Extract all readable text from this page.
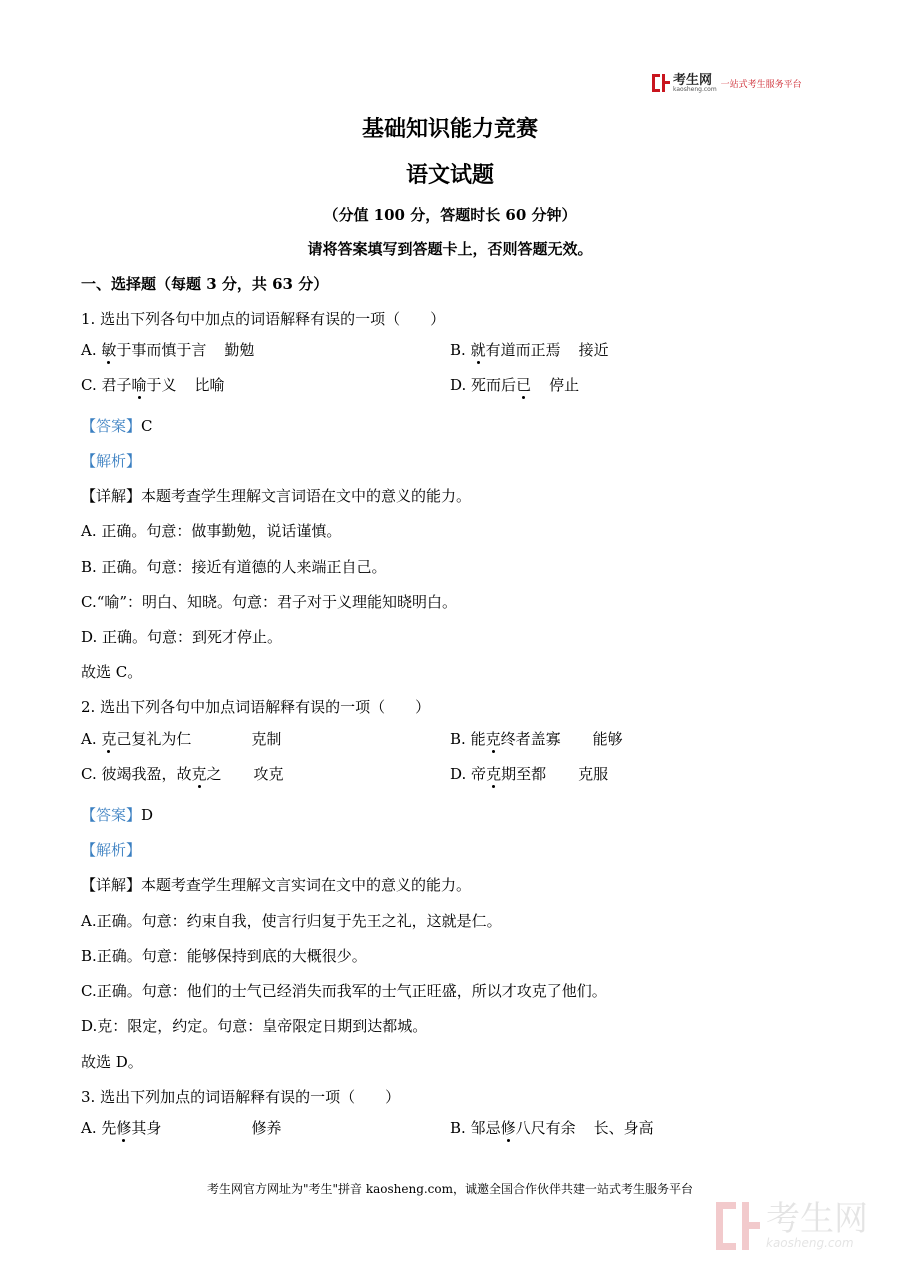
考生网
kaosheng.com 一站式考生服务平台
基础知识能力竞赛
语文试题
（分值 100 分，答题时长 60 分钟）
请将答案填写到答题卡上，否则答题无效。
一、选择题（每题 3 分，共 63 分）
1. 选出下列各句中加点的词语解释有误的一项（　　）
A. 敏于事而慎于言 勤勉	B. 就有道而正焉 接近
C. 君子喻于义 比喻	D. 死而后已 停止
【答案】C
【解析】
【详解】本题考查学生理解文言词语在文中的意义的能力。
A. 正确。句意：做事勤勉，说话谨慎。
B. 正确。句意：接近有道德的人来端正自己。
C.“喻”：明白、知晓。句意：君子对于义理能知晓明白。
D. 正确。句意：到死才停止。
故选 C。
2. 选出下列各句中加点词语解释有误的一项（　　）
A. 克己复礼为仁	克制	B. 能克终者盖寡 能够
C. 彼竭我盈，故克之 攻克	D. 帝克期至都 克服
【答案】D
【解析】
【详解】本题考查学生理解文言实词在文中的意义的能力。
A.正确。句意：约束自我，使言行归复于先王之礼，这就是仁。
B.正确。句意：能够保持到底的大概很少。
C.正确。句意：他们的士气已经消失而我军的士气正旺盛，所以才攻克了他们。
D.克：限定，约定。句意：皇帝限定日期到达都城。
故选 D。
3. 选出下列加点的词语解释有误的一项（　　）
A. 先修其身	修养	B. 邹忌修八尺有余 长、身高
考生网官方网址为"考生"拼音 kaosheng.com，诚邀全国合作伙伴共建一站式考生服务平台
考生网
kaosheng.com
